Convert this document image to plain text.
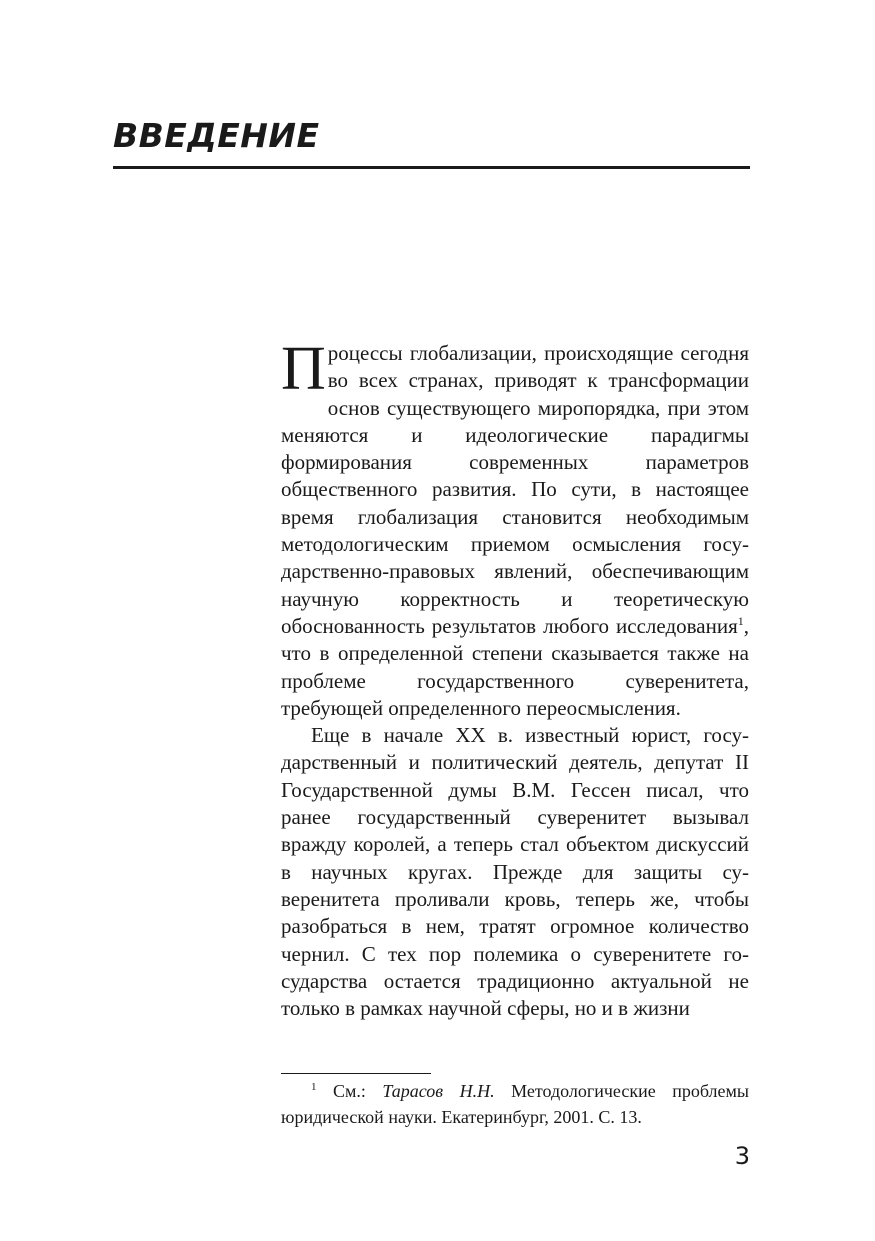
ВВЕДЕНИЕ

Процессы глобализации, происходящие сегодня во всех странах, приводят к трансформации основ существующего миропорядка, при этом меняются и идеологические парадигмы формирования современных параметров общественного развития. По сути, в настоящее время глобализация становится необходимым методологическим приемом осмысления государственно-правовых явлений, обеспечивающим научную корректность и теоретическую обоснованность результатов любого исследования$^1$, что в определенной степени сказывается также на проблеме государственного суверенитета, требующей определенного переосмысления.

Еще в начале XX в. известный юрист, государственный и политический деятель, депутат II Государственной думы В.М. Гессен писал, что ранее государственный суверенитет вызывал вражду королей, а теперь стал объектом дискуссий в научных кругах. Прежде для защиты суверенитета проливали кровь, теперь же, чтобы разобраться в нем, тратят огромное количество чернил. С тех пор полемика о суверенитете государства остается традиционно актуальной не только в рамках научной сферы, но и в жизни

$^1$ См.: Тарасов Н.Н. Методологические проблемы юридической науки. Екатеринбург, 2001. С. 13.

3
